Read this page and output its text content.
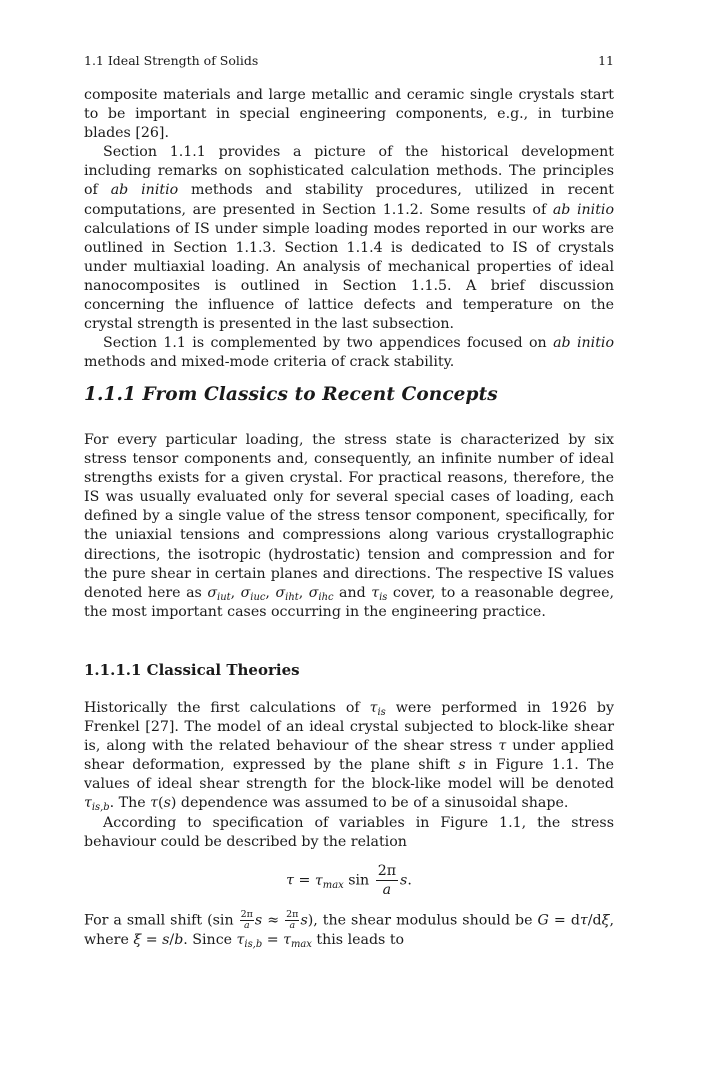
1.1 Ideal Strength of Solids	11

composite materials and large metallic and ceramic single crystals start to be important in special engineering components, e.g., in turbine blades [26].

Section 1.1.1 provides a picture of the historical development including remarks on sophisticated calculation methods. The principles of ab initio methods and stability procedures, utilized in recent computations, are presented in Section 1.1.2. Some results of ab initio calculations of IS under simple loading modes reported in our works are outlined in Section 1.1.3. Section 1.1.4 is dedicated to IS of crystals under multiaxial loading. An analysis of mechanical properties of ideal nanocomposites is outlined in Section 1.1.5. A brief discussion concerning the influence of lattice defects and temperature on the crystal strength is presented in the last subsection.

Section 1.1 is complemented by two appendices focused on ab initio methods and mixed-mode criteria of crack stability.

1.1.1 From Classics to Recent Concepts

For every particular loading, the stress state is characterized by six stress tensor components and, consequently, an infinite number of ideal strengths exists for a given crystal. For practical reasons, therefore, the IS was usually evaluated only for several special cases of loading, each defined by a single value of the stress tensor component, specifically, for the uniaxial tensions and compressions along various crystallographic directions, the isotropic (hydrostatic) tension and compression and for the pure shear in certain planes and directions. The respective IS values denoted here as $\sigma_{iut}$, $\sigma_{iuc}$, $\sigma_{iht}$, $\sigma_{ihc}$ and $\tau_{is}$ cover, to a reasonable degree, the most important cases occurring in the engineering practice.

1.1.1.1 Classical Theories

Historically the first calculations of $\tau_{is}$ were performed in 1926 by Frenkel [27]. The model of an ideal crystal subjected to block-like shear is, along with the related behaviour of the shear stress τ under applied shear deformation, expressed by the plane shift s in Figure 1.1. The values of ideal shear strength for the block-like model will be denoted $\tau_{is,b}$. The τ(s) dependence was assumed to be of a sinusoidal shape.

According to specification of variables in Figure 1.1, the stress behaviour could be described by the relation

$\tau = \tau_{max}$ $\sin \frac{2\pi}{a} s$.

For a small shift ($\sin \frac{2\pi}{a}$ $s \approx \frac{2\pi}{a} s$), the shear modulus should be G = dτ/dξ, where ξ = s/b. Since $\tau_{is,b} = \tau_{max}$ this leads to
